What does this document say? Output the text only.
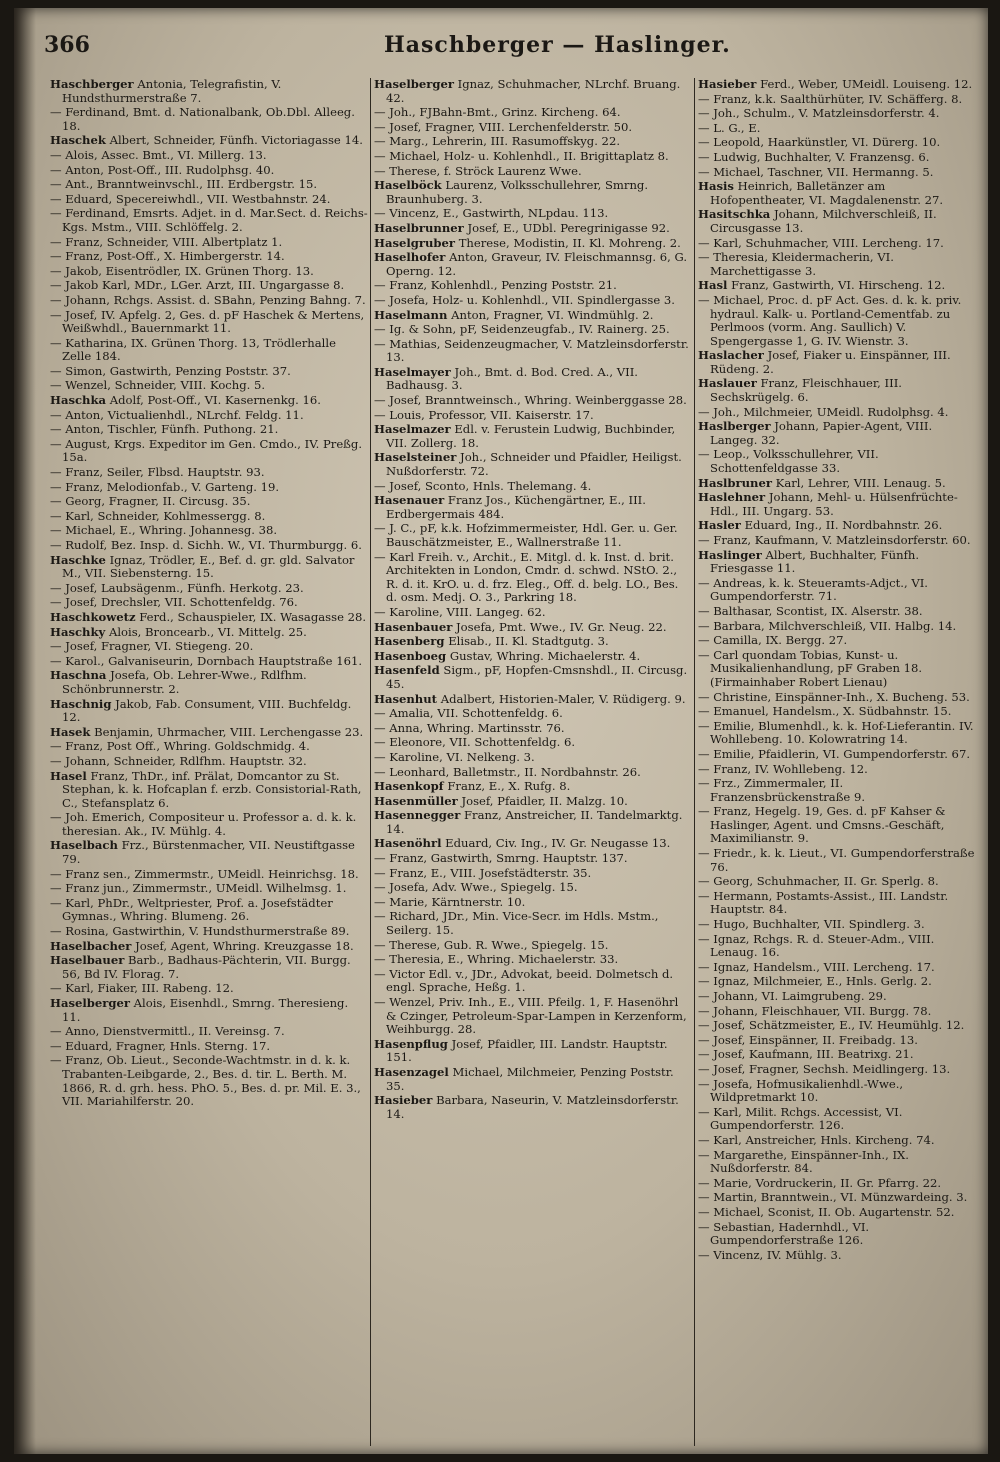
366	Haschberger — Haslinger.
Haschberger Antonia, Telegrafistin, V. Hundsthurmerstraße 7.
— Ferdinand, Bmt. d. Nationalbank, Ob.Dbl. Alleeg. 18.
Haschek Albert, Schneider, Fünfh. Victoriagasse 14.
— Alois, Assec. Bmt., VI. Millerg. 13.
— Anton, Post-Off., III. Rudolphsg. 40.
— Ant., Branntweinvschl., III. Erdbergstr. 15.
— Eduard, Specereiwhdl., VII. Westbahnstr. 24.
— Ferdinand, Emsrts. Adjet. in d. Mar.Sect. d. Reichs-Kgs. Mstm., VIII. Schlöffelg. 2.
— Franz, Schneider, VIII. Albertplatz 1.
— Franz, Post-Off., X. Himbergerstr. 14.
— Jakob, Eisentrödler, IX. Grünen Thorg. 13.
— Jakob Karl, MDr., LGer. Arzt, III. Ungargasse 8.
— Johann, Rchgs. Assist. d. SBahn, Penzing Bahng. 7.
— Josef, IV. Apfelg. 2, Ges. d. pF Haschek & Mertens, Weißwhdl., Bauernmarkt 11.
— Katharina, IX. Grünen Thorg. 13, Trödlerhalle Zelle 184.
— Simon, Gastwirth, Penzing Poststr. 37.
— Wenzel, Schneider, VIII. Kochg. 5.
Haschka Adolf, Post-Off., VI. Kasernenkg. 16.
— Anton, Victualienhdl., NLrchf. Feldg. 11.
— Anton, Tischler, Fünfh. Puthong. 21.
— August, Krgs. Expeditor im Gen. Cmdo., IV. Preßg. 15a.
— Franz, Seiler, Flbsd. Hauptstr. 93.
— Franz, Melodionfab., V. Garteng. 19.
— Georg, Fragner, II. Circusg. 35.
— Karl, Schneider, Kohlmessergg. 8.
— Michael, E., Whring. Johannesg. 38.
— Rudolf, Bez. Insp. d. Sichh. W., VI. Thurmburgg. 6.
Haschke Ignaz, Trödler, E., Bef. d. gr. gld. Salvator M., VII. Siebensterng. 15.
— Josef, Laubsägenm., Fünfh. Herkotg. 23.
— Josef, Drechsler, VII. Schottenfeldg. 76.
Haschkowetz Ferd., Schauspieler, IX. Wasagasse 28.
Haschky Alois, Broncearb., VI. Mittelg. 25.
— Josef, Fragner, VI. Stiegeng. 20.
— Karol., Galvaniseurin, Dornbach Hauptstraße 161.
Haschna Josefa, Ob. Lehrer-Wwe., Rdlfhm. Schönbrunnerstr. 2.
Haschnig Jakob, Fab. Consument, VIII. Buchfeldg. 12.
Hasek Benjamin, Uhrmacher, VIII. Lerchengasse 23.
— Franz, Post Off., Whring. Goldschmidg. 4.
— Johann, Schneider, Rdlfhm. Hauptstr. 32.
Hasel Franz, ThDr., inf. Prälat, Domcantor zu St. Stephan, k. k. Hofcaplan f. erzb. Consistorial-Rath, C., Stefansplatz 6.
— Joh. Emerich, Compositeur u. Professor a. d. k. k. theresian. Ak., IV. Mühlg. 4.
Haselbach Frz., Bürstenmacher, VII. Neustiftgasse 79.
— Franz sen., Zimmermstr., UMeidl. Heinrichsg. 18.
— Franz jun., Zimmermstr., UMeidl. Wilhelmsg. 1.
— Karl, PhDr., Weltpriester, Prof. a. Josefstädter Gymnas., Whring. Blumeng. 26.
— Rosina, Gastwirthin, V. Hundsthurmerstraße 89.
Haselbacher Josef, Agent, Whring. Kreuzgasse 18.
Haselbauer Barb., Badhaus-Pächterin, VII. Burgg. 56, Bd IV. Florag. 7.
— Karl, Fiaker, III. Rabeng. 12.
Haselberger Alois, Eisenhdl., Smrng. Theresieng. 11.
— Anno, Dienstvermittl., II. Vereinsg. 7.
— Eduard, Fragner, Hnls. Sterng. 17.
— Franz, Ob. Lieut., Seconde-Wachtmstr. in d. k. k. Trabanten-Leibgarde, 2., Bes. d. tir. L. Berth. M. 1866, R. d. grh. hess. PhO. 5., Bes. d. pr. Mil. E. 3., VII. Mariahilferstr. 20.
Haselberger Ignaz, Schuhmacher, NLrchf. Bruang. 42.
— Joh., FJBahn-Bmt., Grinz. Kircheng. 64.
— Josef, Fragner, VIII. Lerchenfelderstr. 50.
— Marg., Lehrerin, III. Rasumoffskyg. 22.
— Michael, Holz- u. Kohlenhdl., II. Brigittaplatz 8.
— Therese, f. Ströck Laurenz Wwe.
Haselböck Laurenz, Volksschullehrer, Smrng. Braunhuberg. 3.
— Vincenz, E., Gastwirth, NLpdau. 113.
Haselbrunner Josef, E., UDbl. Peregrinigasse 92.
Haselgruber Therese, Modistin, II. Kl. Mohreng. 2.
Haselhofer Anton, Graveur, IV. Fleischmannsg. 6, G. Operng. 12.
— Franz, Kohlenhdl., Penzing Poststr. 21.
— Josefa, Holz- u. Kohlenhdl., VII. Spindlergasse 3.
Haselmann Anton, Fragner, VI. Windmühlg. 2.
— Ig. & Sohn, pF, Seidenzeugfab., IV. Rainerg. 25.
— Mathias, Seidenzeugmacher, V. Matzleinsdorferstr. 13.
Haselmayer Joh., Bmt. d. Bod. Cred. A., VII. Badhausg. 3.
— Josef, Branntweinsch., Whring. Weinberggasse 28.
— Louis, Professor, VII. Kaiserstr. 17.
Haselmazer Edl. v. Ferustein Ludwig, Buchbinder, VII. Zollerg. 18.
Haselsteiner Joh., Schneider und Pfaidler, Heiligst. Nußdorferstr. 72.
— Josef, Sconto, Hnls. Thelemang. 4.
Hasenauer Franz Jos., Küchengärtner, E., III. Erdbergermais 484.
— J. C., pF, k.k. Hofzimmermeister, Hdl. Ger. u. Ger. Bauschätzmeister, E., Wallnerstraße 11.
— Karl Freih. v., Archit., E. Mitgl. d. k. Inst. d. brit. Architekten in London, Cmdr. d. schwd. NStO. 2., R. d. it. KrO. u. d. frz. Eleg., Off. d. belg. LO., Bes. d. osm. Medj. O. 3., Parkring 18.
— Karoline, VIII. Langeg. 62.
Hasenbauer Josefa, Pmt. Wwe., IV. Gr. Neug. 22.
Hasenberg Elisab., II. Kl. Stadtgutg. 3.
Hasenboeg Gustav, Whring. Michaelerstr. 4.
Hasenfeld Sigm., pF, Hopfen-Cmsnshdl., II. Circusg. 45.
Hasenhut Adalbert, Historien-Maler, V. Rüdigerg. 9.
— Amalia, VII. Schottenfeldg. 6.
— Anna, Whring. Martinsstr. 76.
— Eleonore, VII. Schottenfeldg. 6.
— Karoline, VI. Nelkeng. 3.
— Leonhard, Balletmstr., II. Nordbahnstr. 26.
Hasenkopf Franz, E., X. Rufg. 8.
Hasenmüller Josef, Pfaidler, II. Malzg. 10.
Hasennegger Franz, Anstreicher, II. Tandelmarktg. 14.
Hasenöhrl Eduard, Civ. Ing., IV. Gr. Neugasse 13.
— Franz, Gastwirth, Smrng. Hauptstr. 137.
— Franz, E., VIII. Josefstädterstr. 35.
— Josefa, Adv. Wwe., Spiegelg. 15.
— Marie, Kärntnerstr. 10.
— Richard, JDr., Min. Vice-Secr. im Hdls. Mstm., Seilerg. 15.
— Therese, Gub. R. Wwe., Spiegelg. 15.
— Theresia, E., Whring. Michaelerstr. 33.
— Victor Edl. v., JDr., Advokat, beeid. Dolmetsch d. engl. Sprache, Heßg. 1.
— Wenzel, Priv. Inh., E., VIII. Pfeilg. 1, F. Hasenöhrl & Czinger, Petroleum-Spar-Lampen in Kerzenform, Weihburgg. 28.
Hasenpflug Josef, Pfaidler, III. Landstr. Hauptstr. 151.
Hasenzagel Michael, Milchmeier, Penzing Poststr. 35.
Hasieber Barbara, Naseurin, V. Matzleinsdorferstr. 14.
Hasieber Ferd., Weber, UMeidl. Louiseng. 12.
— Franz, k.k. Saalthürhüter, IV. Schäfferg. 8.
— Joh., Schulm., V. Matzleinsdorferstr. 4.
— L. G., E.
— Leopold, Haarkünstler, VI. Dürerg. 10.
— Ludwig, Buchhalter, V. Franzensg. 6.
— Michael, Taschner, VII. Hermanng. 5.
Hasis Heinrich, Balletänzer am Hofopentheater, VI. Magdalenenstr. 27.
Hasitschka Johann, Milchverschleiß, II. Circusgasse 13.
— Karl, Schuhmacher, VIII. Lercheng. 17.
— Theresia, Kleidermacherin, VI. Marchettigasse 3.
Hasl Franz, Gastwirth, VI. Hirscheng. 12.
— Michael, Proc. d. pF Act. Ges. d. k. k. priv. hydraul. Kalk- u. Portland-Cementfab. zu Perlmoos (vorm. Ang. Saullich) V. Spengergasse 1, G. IV. Wienstr. 3.
Haslacher Josef, Fiaker u. Einspänner, III. Rüdeng. 2.
Haslauer Franz, Fleischhauer, III. Sechskrügelg. 6.
— Joh., Milchmeier, UMeidl. Rudolphsg. 4.
Haslberger Johann, Papier-Agent, VIII. Langeg. 32.
— Leop., Volksschullehrer, VII. Schottenfeldgasse 33.
Haslbruner Karl, Lehrer, VIII. Lenaug. 5.
Haslehner Johann, Mehl- u. Hülsenfrüchte-Hdl., III. Ungarg. 53.
Hasler Eduard, Ing., II. Nordbahnstr. 26.
— Franz, Kaufmann, V. Matzleinsdorferstr. 60.
Haslinger Albert, Buchhalter, Fünfh. Friesgasse 11.
— Andreas, k. k. Steueramts-Adjct., VI. Gumpendorferstr. 71.
— Balthasar, Scontist, IX. Alserstr. 38.
— Barbara, Milchverschleiß, VII. Halbg. 14.
— Camilla, IX. Bergg. 27.
— Carl quondam Tobias, Kunst- u. Musikalienhandlung, pF Graben 18. (Firmainhaber Robert Lienau)
— Christine, Einspänner-Inh., X. Bucheng. 53.
— Emanuel, Handelsm., X. Südbahnstr. 15.
— Emilie, Blumenhdl., k. k. Hof-Lieferantin. IV. Wohllebeng. 10. Kolowratring 14.
— Emilie, Pfaidlerin, VI. Gumpendorferstr. 67.
— Franz, IV. Wohllebeng. 12.
— Frz., Zimmermaler, II. Franzensbrückenstraße 9.
— Franz, Hegelg. 19, Ges. d. pF Kahser & Haslinger, Agent. und Cmsns.-Geschäft, Maximilianstr. 9.
— Friedr., k. k. Lieut., VI. Gumpendorferstraße 76.
— Georg, Schuhmacher, II. Gr. Sperlg. 8.
— Hermann, Postamts-Assist., III. Landstr. Hauptstr. 84.
— Hugo, Buchhalter, VII. Spindlerg. 3.
— Ignaz, Rchgs. R. d. Steuer-Adm., VIII. Lenaug. 16.
— Ignaz, Handelsm., VIII. Lercheng. 17.
— Ignaz, Milchmeier, E., Hnls. Gerlg. 2.
— Johann, VI. Laimgrubeng. 29.
— Johann, Fleischhauer, VII. Burgg. 78.
— Josef, Schätzmeister, E., IV. Heumühlg. 12.
— Josef, Einspänner, II. Freibadg. 13.
— Josef, Kaufmann, III. Beatrixg. 21.
— Josef, Fragner, Sechsh. Meidlingerg. 13.
— Josefa, Hofmusikalienhdl.-Wwe., Wildpretmarkt 10.
— Karl, Milit. Rchgs. Accessist, VI. Gumpendorferstr. 126.
— Karl, Anstreicher, Hnls. Kircheng. 74.
— Margarethe, Einspänner-Inh., IX. Nußdorferstr. 84.
— Marie, Vordruckerin, II. Gr. Pfarrg. 22.
— Martin, Branntwein., VI. Münzwardeing. 3.
— Michael, Sconist, II. Ob. Augartenstr. 52.
— Sebastian, Hadernhdl., VI. Gumpendorferstraße 126.
— Vincenz, IV. Mühlg. 3.
